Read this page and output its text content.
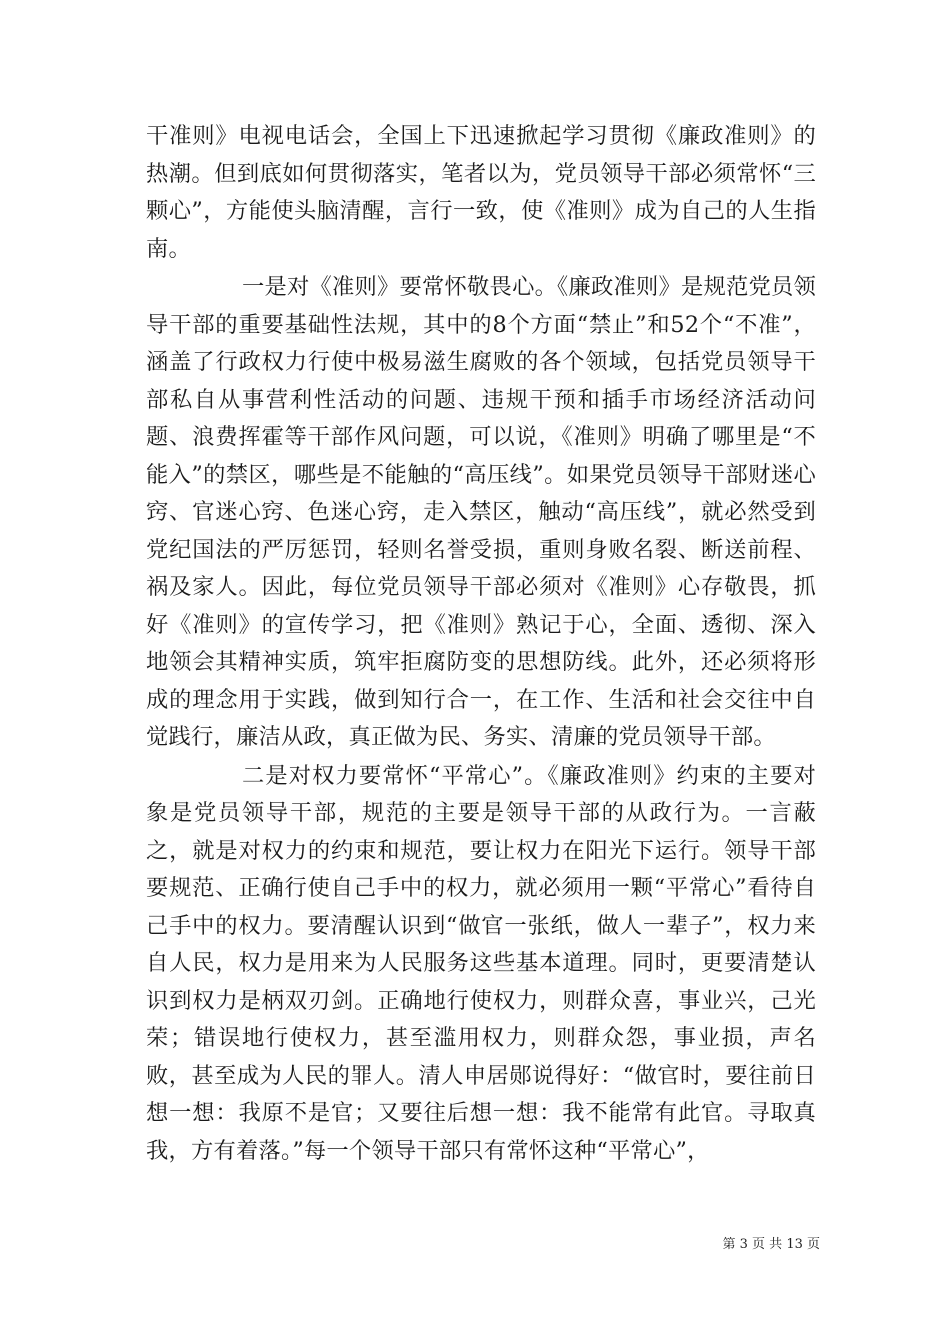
干准则》电视电话会，全国上下迅速掀起学习贯彻《廉政准则》的热潮。但到底如何贯彻落实，笔者以为，党员领导干部必须常怀“三颗心”，方能使头脑清醒，言行一致，使《准则》成为自己的人生指南。

一是对《准则》要常怀敬畏心。《廉政准则》是规范党员领导干部的重要基础性法规，其中的8个方面“禁止”和52个“不准”，涵盖了行政权力行使中极易滋生腐败的各个领域，包括党员领导干部私自从事营利性活动的问题、违规干预和插手市场经济活动问题、浪费挥霍等干部作风问题，可以说，《准则》明确了哪里是“不能入”的禁区，哪些是不能触的“高压线”。如果党员领导干部财迷心窍、官迷心窍、色迷心窍，走入禁区，触动“高压线”，就必然受到党纪国法的严厉惩罚，轻则名誉受损，重则身败名裂、断送前程、祸及家人。因此，每位党员领导干部必须对《准则》心存敬畏，抓好《准则》的宣传学习，把《准则》熟记于心，全面、透彻、深入地领会其精神实质，筑牢拒腐防变的思想防线。此外，还必须将形成的理念用于实践，做到知行合一，在工作、生活和社会交往中自觉践行，廉洁从政，真正做为民、务实、清廉的党员领导干部。

二是对权力要常怀“平常心”。《廉政准则》约束的主要对象是党员领导干部，规范的主要是领导干部的从政行为。一言蔽之，就是对权力的约束和规范，要让权力在阳光下运行。领导干部要规范、正确行使自己手中的权力，就必须用一颗“平常心”看待自己手中的权力。要清醒认识到“做官一张纸，做人一辈子”，权力来自人民，权力是用来为人民服务这些基本道理。同时，更要清楚认识到权力是柄双刃剑。正确地行使权力，则群众喜，事业兴，己光荣；错误地行使权力，甚至滥用权力，则群众怨，事业损，声名败，甚至成为人民的罪人。清人申居郧说得好：“做官时，要往前日想一想：我原不是官；又要往后想一想：我不能常有此官。寻取真我，方有着落。”每一个领导干部只有常怀这种“平常心”，

第 3 页 共 13 页
